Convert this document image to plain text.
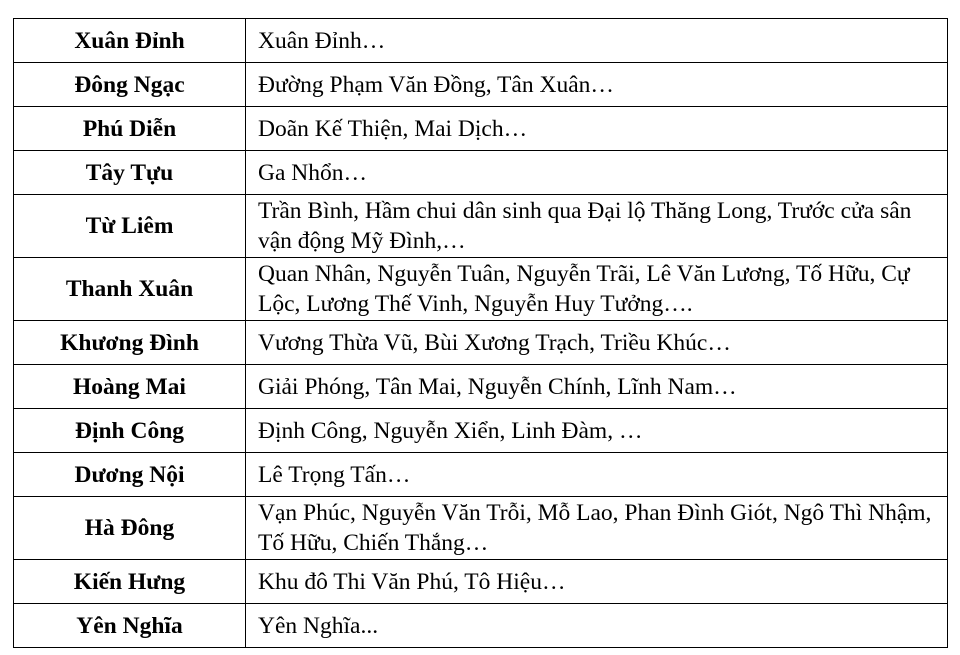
Xuân Đỉnh	Xuân Đỉnh…
Đông Ngạc	Đường Phạm Văn Đồng, Tân Xuân…
Phú Diễn	Doãn Kế Thiện, Mai Dịch…
Tây Tựu	Ga Nhổn…
Từ Liêm	Trần Bình, Hầm chui dân sinh qua Đại lộ Thăng Long, Trước cửa sân vận động Mỹ Đình,…
Thanh Xuân	Quan Nhân, Nguyễn Tuân, Nguyễn Trãi, Lê Văn Lương, Tố Hữu, Cự Lộc, Lương Thế Vinh, Nguyễn Huy Tưởng….
Khương Đình	Vương Thừa Vũ, Bùi Xương Trạch, Triều Khúc…
Hoàng Mai	Giải Phóng, Tân Mai, Nguyễn Chính, Lĩnh Nam…
Định Công	Định Công, Nguyễn Xiển, Linh Đàm, …
Dương Nội	Lê Trọng Tấn…
Hà Đông	Vạn Phúc, Nguyễn Văn Trỗi, Mỗ Lao, Phan Đình Giót, Ngô Thì Nhậm, Tố Hữu, Chiến Thắng…
Kiến Hưng	Khu đô Thi Văn Phú, Tô Hiệu…
Yên Nghĩa	Yên Nghĩa...
